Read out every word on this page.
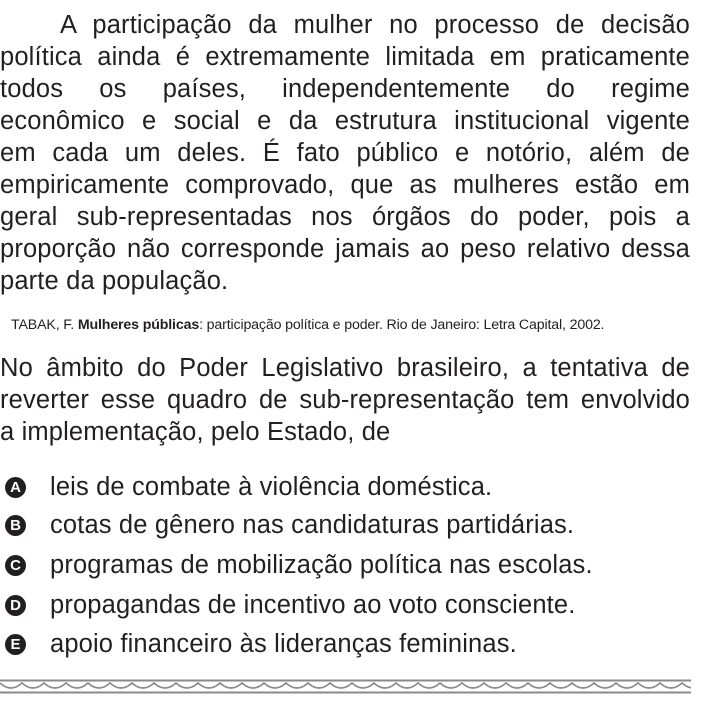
A participação da mulher no processo de decisão
política ainda é extremamente limitada em praticamente
todos os países, independentemente do regime
econômico e social e da estrutura institucional vigente
em cada um deles. É fato público e notório, além de
empiricamente comprovado, que as mulheres estão em
geral sub-representadas nos órgãos do poder, pois a
proporção não corresponde jamais ao peso relativo dessa
parte da população.
TABAK, F. Mulheres públicas: participação política e poder. Rio de Janeiro: Letra Capital, 2002.
No âmbito do Poder Legislativo brasileiro, a tentativa de
reverter esse quadro de sub-representação tem envolvido
a implementação, pelo Estado, de
A leis de combate à violência doméstica.
B cotas de gênero nas candidaturas partidárias.
C programas de mobilização política nas escolas.
D propagandas de incentivo ao voto consciente.
E apoio financeiro às lideranças femininas.
